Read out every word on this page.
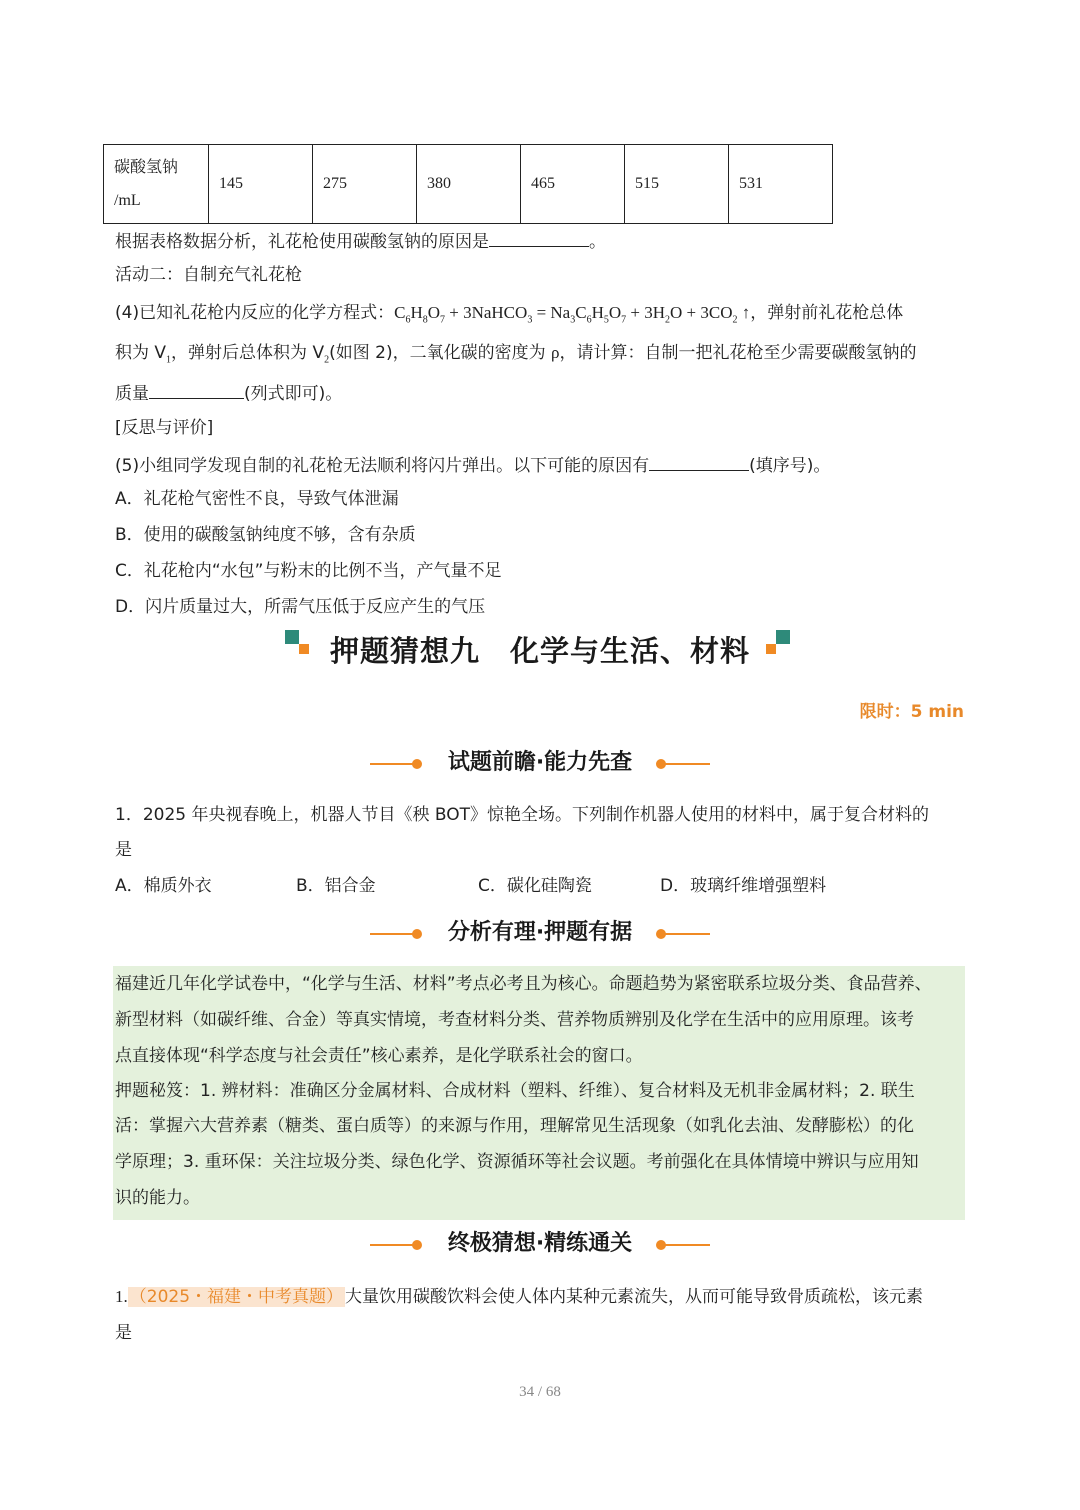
碳酸氢钠
/mL
	145	275	380	465	515	531
根据表格数据分析，礼花枪使用碳酸氢钠的原因是	。
活动二：自制充气礼花枪
(4)已知礼花枪内反应的化学方程式：$C_6H_8O_7$ + 3NaHCO$_3$ = $Na_3C_6H_5O_7 + 3H_2O + 3CO_2$ ↑，弹射前礼花枪总体
积为 $V_1$，弹射后总体积为 $V_2$(如图 2)，二氧化碳的密度为 ρ，请计算：自制一把礼花枪至少需要碳酸氢钠的
质量	(列式即可)。
[反思与评价]
(5)小组同学发现自制的礼花枪无法顺利将闪片弹出。以下可能的原因有	(填序号)。
A．礼花枪气密性不良，导致气体泄漏
B．使用的碳酸氢钠纯度不够，含有杂质
C．礼花枪内“水包”与粉末的比例不当，产气量不足
D．闪片质量过大，所需气压低于反应产生的气压
押题猜想九　化学与生活、材料
限时：5 min
试题前瞻·能力先查
1．2025 年央视春晚上，机器人节目《秧 BOT》惊艳全场。下列制作机器人使用的材料中，属于复合材料的
是
A．棉质外衣	B．铝合金	C．碳化硅陶瓷	D．玻璃纤维增强塑料
分析有理·押题有据
福建近几年化学试卷中，“化学与生活、材料”考点必考且为核心。命题趋势为紧密联系垃圾分类、食品营养、
新型材料（如碳纤维、合金）等真实情境，考查材料分类、营养物质辨别及化学在生活中的应用原理。该考
点直接体现“科学态度与社会责任”核心素养，是化学联系社会的窗口。
押题秘笈：1. 辨材料：准确区分金属材料、合成材料（塑料、纤维）、复合材料及无机非金属材料；2. 联生
活：掌握六大营养素（糖类、蛋白质等）的来源与作用，理解常见生活现象（如乳化去油、发酵膨松）的化
学原理；3. 重环保：关注垃圾分类、绿色化学、资源循环等社会议题。考前强化在具体情境中辨识与应用知
识的能力。
终极猜想·精练通关
1. （2025・福建・中考真题） 大量饮用碳酸饮料会使人体内某种元素流失，从而可能导致骨质疏松，该元素
是
34 / 68
